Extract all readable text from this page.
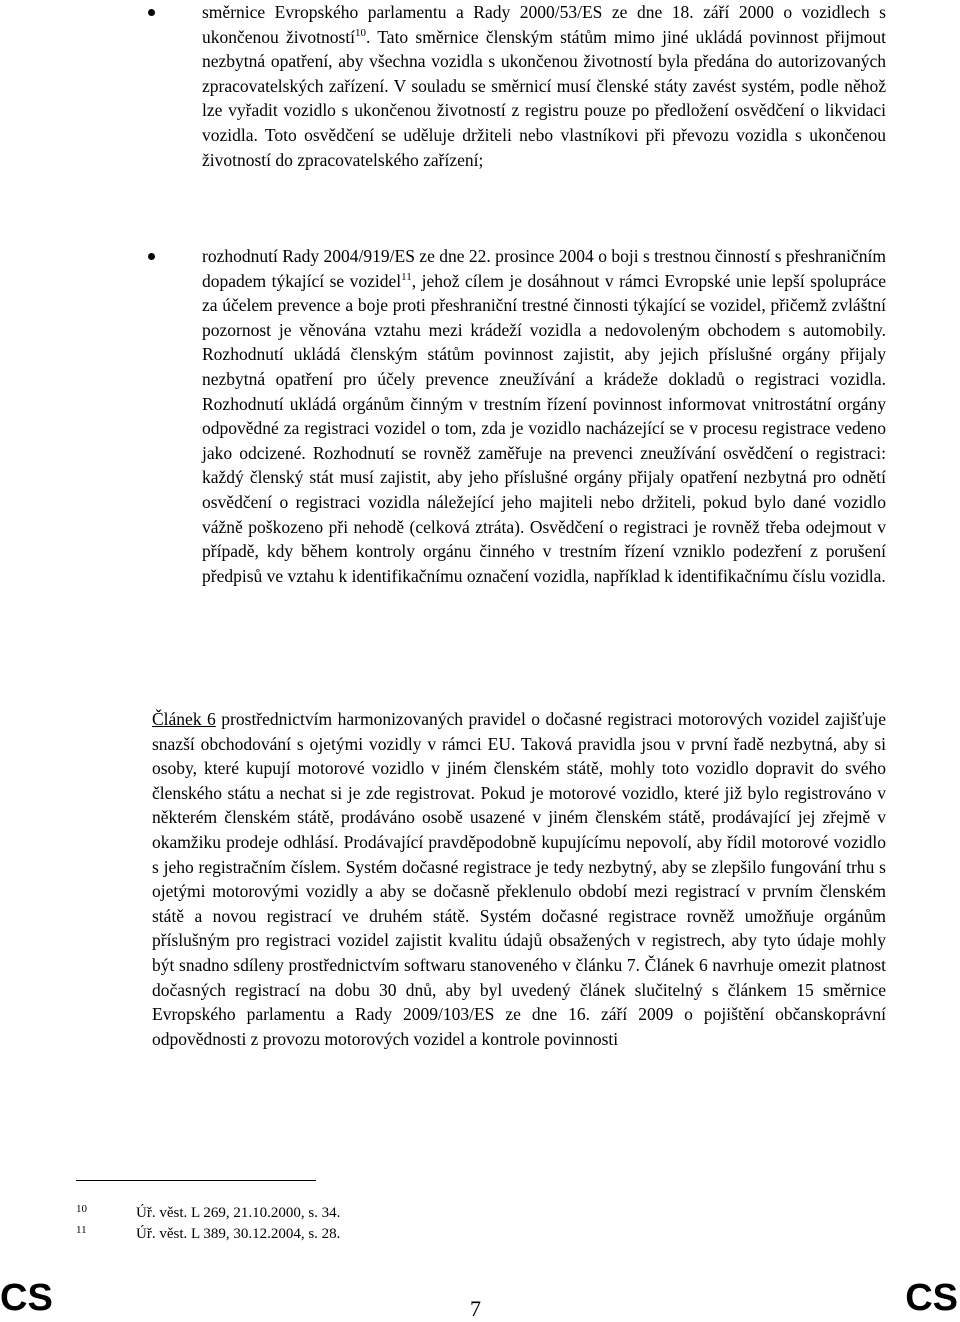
směrnice Evropského parlamentu a Rady 2000/53/ES ze dne 18. září 2000 o vozidlech s ukončenou životností$^{10}$. Tato směrnice členským státům mimo jiné ukládá povinnost přijmout nezbytná opatření, aby všechna vozidla s ukončenou životností byla předána do autorizovaných zpracovatelských zařízení. V souladu se směrnicí musí členské státy zavést systém, podle něhož lze vyřadit vozidlo s ukončenou životností z registru pouze po předložení osvědčení o likvidaci vozidla. Toto osvědčení se uděluje držiteli nebo vlastníkovi při převozu vozidla s ukončenou životností do zpracovatelského zařízení;

rozhodnutí Rady 2004/919/ES ze dne 22. prosince 2004 o boji s trestnou činností s přeshraničním dopadem týkající se vozidel$^{11}$, jehož cílem je dosáhnout v rámci Evropské unie lepší spolupráce za účelem prevence a boje proti přeshraniční trestné činnosti týkající se vozidel, přičemž zvláštní pozornost je věnována vztahu mezi krádeží vozidla a nedovoleným obchodem s automobily. Rozhodnutí ukládá členským státům povinnost zajistit, aby jejich příslušné orgány přijaly nezbytná opatření pro účely prevence zneužívání a krádeže dokladů o registraci vozidla. Rozhodnutí ukládá orgánům činným v trestním řízení povinnost informovat vnitrostátní orgány odpovědné za registraci vozidel o tom, zda je vozidlo nacházející se v procesu registrace vedeno jako odcizené. Rozhodnutí se rovněž zaměřuje na prevenci zneužívání osvědčení o registraci: každý členský stát musí zajistit, aby jeho příslušné orgány přijaly opatření nezbytná pro odnětí osvědčení o registraci vozidla náležející jeho majiteli nebo držiteli, pokud bylo dané vozidlo vážně poškozeno při nehodě (celková ztráta). Osvědčení o registraci je rovněž třeba odejmout v případě, kdy během kontroly orgánu činného v trestním řízení vzniklo podezření z porušení předpisů ve vztahu k identifikačnímu označení vozidla, například k identifikačnímu číslu vozidla.

Článek 6 prostřednictvím harmonizovaných pravidel o dočasné registraci motorových vozidel zajišťuje snazší obchodování s ojetými vozidly v rámci EU. Taková pravidla jsou v první řadě nezbytná, aby si osoby, které kupují motorové vozidlo v jiném členském státě, mohly toto vozidlo dopravit do svého členského státu a nechat si je zde registrovat. Pokud je motorové vozidlo, které již bylo registrováno v některém členském státě, prodáváno osobě usazené v jiném členském státě, prodávající jej zřejmě v okamžiku prodeje odhlásí. Prodávající pravděpodobně kupujícímu nepovolí, aby řídil motorové vozidlo s jeho registračním číslem. Systém dočasné registrace je tedy nezbytný, aby se zlepšilo fungování trhu s ojetými motorovými vozidly a aby se dočasně překlenulo období mezi registrací v prvním členském státě a novou registrací ve druhém státě. Systém dočasné registrace rovněž umožňuje orgánům příslušným pro registraci vozidel zajistit kvalitu údajů obsažených v registrech, aby tyto údaje mohly být snadno sdíleny prostřednictvím softwaru stanoveného v článku 7. Článek 6 navrhuje omezit platnost dočasných registrací na dobu 30 dnů, aby byl uvedený článek slučitelný s článkem 15 směrnice Evropského parlamentu a Rady 2009/103/ES ze dne 16. září 2009 o pojištění občanskoprávní odpovědnosti z provozu motorových vozidel a kontrole povinnosti

10	Úř. věst. L 269, 21.10.2000, s. 34.
11	Úř. věst. L 389, 30.12.2004, s. 28.
CS	7	CS
